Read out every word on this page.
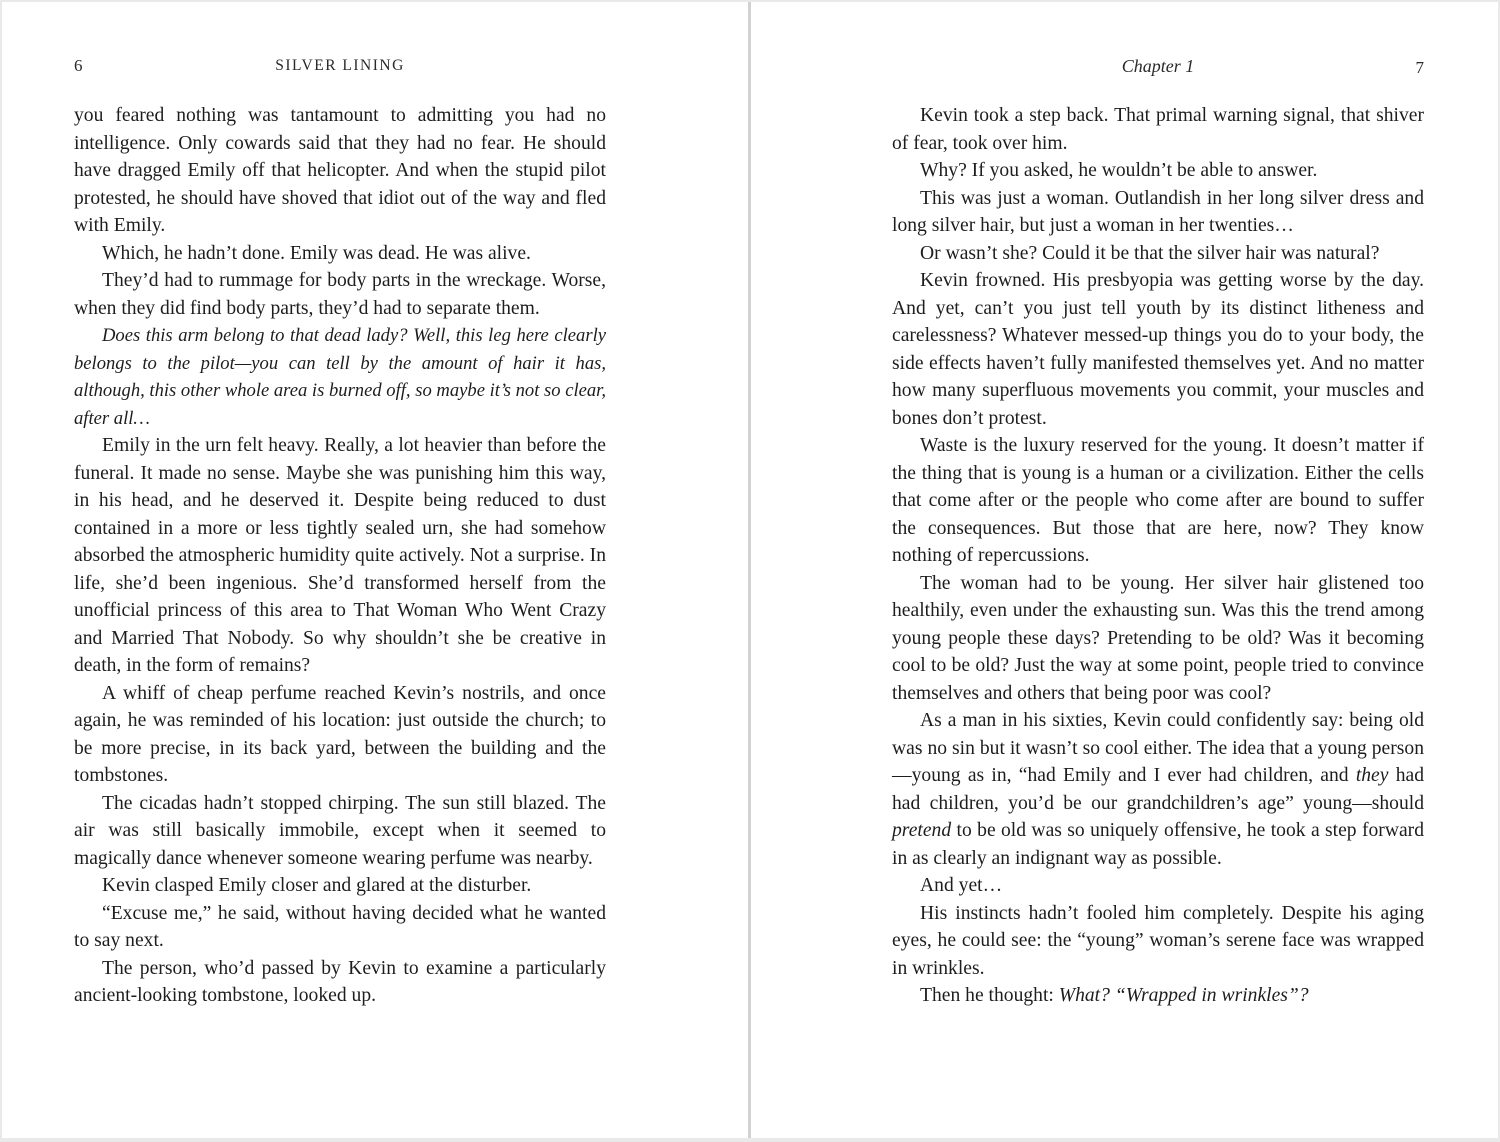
6	SILVER LINING

you feared nothing was tantamount to admitting you had no intelligence. Only cowards said that they had no fear. He should have dragged Emily off that helicopter. And when the stupid pilot protested, he should have shoved that idiot out of the way and fled with Emily.

Which, he hadn’t done. Emily was dead. He was alive.

They’d had to rummage for body parts in the wreckage. Worse, when they did find body parts, they’d had to separate them.

Does this arm belong to that dead lady? Well, this leg here clearly belongs to the pilot—you can tell by the amount of hair it has, although, this other whole area is burned off, so maybe it’s not so clear, after all…

Emily in the urn felt heavy. Really, a lot heavier than before the funeral. It made no sense. Maybe she was punishing him this way, in his head, and he deserved it. Despite being reduced to dust contained in a more or less tightly sealed urn, she had somehow absorbed the atmospheric humidity quite actively. Not a surprise. In life, she’d been ingenious. She’d transformed herself from the unofficial princess of this area to That Woman Who Went Crazy and Married That Nobody. So why shouldn’t she be creative in death, in the form of remains?

A whiff of cheap perfume reached Kevin’s nostrils, and once again, he was reminded of his location: just outside the church; to be more precise, in its back yard, between the building and the tombstones.

The cicadas hadn’t stopped chirping. The sun still blazed. The air was still basically immobile, except when it seemed to magically dance whenever someone wearing perfume was nearby.

Kevin clasped Emily closer and glared at the disturber.

“Excuse me,” he said, without having decided what he wanted to say next.

The person, who’d passed by Kevin to examine a particularly ancient-looking tombstone, looked up.

Chapter 1	7

Kevin took a step back. That primal warning signal, that shiver of fear, took over him.

Why? If you asked, he wouldn’t be able to answer.

This was just a woman. Outlandish in her long silver dress and long silver hair, but just a woman in her twenties…

Or wasn’t she? Could it be that the silver hair was natural?

Kevin frowned. His presbyopia was getting worse by the day. And yet, can’t you just tell youth by its distinct litheness and carelessness? Whatever messed-up things you do to your body, the side effects haven’t fully manifested themselves yet. And no matter how many superfluous movements you commit, your muscles and bones don’t protest.

Waste is the luxury reserved for the young. It doesn’t matter if the thing that is young is a human or a civilization. Either the cells that come after or the people who come after are bound to suffer the consequences. But those that are here, now? They know nothing of repercussions.

The woman had to be young. Her silver hair glistened too healthily, even under the exhausting sun. Was this the trend among young people these days? Pretending to be old? Was it becoming cool to be old? Just the way at some point, people tried to convince themselves and others that being poor was cool?

As a man in his sixties, Kevin could confidently say: being old was no sin but it wasn’t so cool either. The idea that a young person—young as in, “had Emily and I ever had children, and they had had children, you’d be our grandchildren’s age” young—should pretend to be old was so uniquely offensive, he took a step forward in as clearly an indignant way as possible.

And yet…

His instincts hadn’t fooled him completely. Despite his aging eyes, he could see: the “young” woman’s serene face was wrapped in wrinkles.

Then he thought: What? “Wrapped in wrinkles”?
